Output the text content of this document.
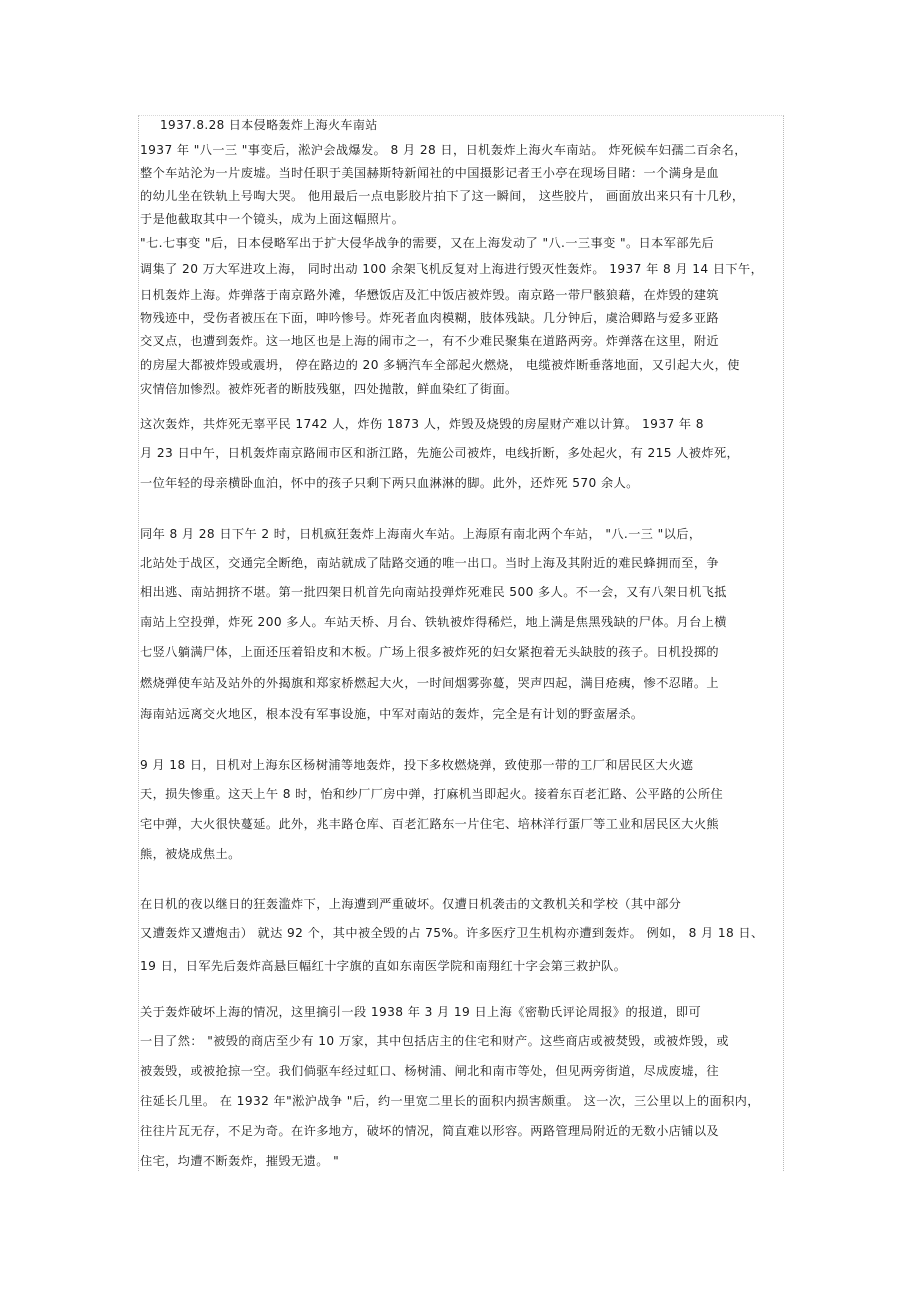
1937.8.28 日本侵略轰炸上海火车南站
1937 年 "八一三 "事变后，淞沪会战爆发。 8 月 28 日，日机轰炸上海火车南站。 炸死候车妇孺二百余名，
整个车站沦为一片废墟。当时任职于美国赫斯特新闻社的中国摄影记者王小亭在现场目睹：一个满身是血
的幼儿坐在铁轨上号啕大哭。 他用最后一点电影胶片拍下了这一瞬间， 这些胶片， 画面放出来只有十几秒，
于是他截取其中一个镜头，成为上面这幅照片。
"七.七事变 "后，日本侵略军出于扩大侵华战争的需要，又在上海发动了 "八.一三事变 "。日本军部先后
调集了 20 万大军进攻上海， 同时出动 100 余架飞机反复对上海进行毁灭性轰炸。 1937 年 8 月 14 日下午，
日机轰炸上海。炸弹落于南京路外滩，华懋饭店及汇中饭店被炸毁。南京路一带尸骸狼藉，在炸毁的建筑
物残迹中，受伤者被压在下面，呻吟惨号。炸死者血肉模糊，肢体残缺。几分钟后，虞洽卿路与爱多亚路
交叉点，也遭到轰炸。这一地区也是上海的闹市之一，有不少难民聚集在道路两旁。炸弹落在这里，附近
的房屋大都被炸毁或震坍， 停在路边的 20 多辆汽车全部起火燃烧， 电缆被炸断垂落地面，又引起大火，使
灾情倍加惨烈。被炸死者的断肢残躯，四处抛散，鲜血染红了街面。
这次轰炸，共炸死无辜平民 1742 人，炸伤 1873 人，炸毁及烧毁的房屋财产难以计算。 1937 年 8
月 23 日中午，日机轰炸南京路闹市区和浙江路，先施公司被炸，电线折断，多处起火，有 215 人被炸死，
一位年轻的母亲横卧血泊，怀中的孩子只剩下两只血淋淋的脚。此外，还炸死 570 余人。
同年 8 月 28 日下午 2 时，日机疯狂轰炸上海南火车站。上海原有南北两个车站， "八.一三 "以后，
北站处于战区，交通完全断绝，南站就成了陆路交通的唯一出口。当时上海及其附近的难民蜂拥而至，争
相出逃、南站拥挤不堪。第一批四架日机首先向南站投弹炸死难民 500 多人。不一会，又有八架日机飞抵
南站上空投弹，炸死 200 多人。车站天桥、月台、铁轨被炸得稀烂，地上满是焦黑残缺的尸体。月台上横
七竖八躺满尸体，上面还压着铅皮和木板。广场上很多被炸死的妇女紧抱着无头缺肢的孩子。日机投掷的
燃烧弹使车站及站外的外揭旗和郑家桥燃起大火，一时间烟雾弥蔓，哭声四起，满目疮痍，惨不忍睹。上
海南站远离交火地区，根本没有军事设施，中军对南站的轰炸，完全是有计划的野蛮屠杀。
9 月 18 日，日机对上海东区杨树浦等地轰炸，投下多枚燃烧弹，致使那一带的工厂和居民区大火遮
天，损失惨重。这天上午 8 时，怡和纱厂厂房中弹，打麻机当即起火。接着东百老汇路、公平路的公所住
宅中弹，大火很快蔓延。此外，兆丰路仓库、百老汇路东一片住宅、培林洋行蛋厂等工业和居民区大火熊
熊，被烧成焦土。
在日机的夜以继日的狂轰滥炸下，上海遭到严重破坏。仅遭日机袭击的文教机关和学校（其中部分
又遭轰炸又遭炮击） 就达 92 个，其中被全毁的占 75%。许多医疗卫生机构亦遭到轰炸。 例如， 8 月 18 日、
19 日，日军先后轰炸高悬巨幅红十字旗的直如东南医学院和南翔红十字会第三救护队。
关于轰炸破坏上海的情况，这里摘引一段 1938 年 3 月 19 日上海《密勒氏评论周报》的报道，即可
一目了然： "被毁的商店至少有 10 万家，其中包括店主的住宅和财产。这些商店或被焚毁，或被炸毁，或
被轰毁，或被抢掠一空。我们倘驱车经过虹口、杨树浦、闸北和南市等处，但见两旁街道，尽成废墟，往
往延长几里。 在 1932 年"淞沪战争 "后，约一里宽二里长的面积内损害颇重。 这一次，三公里以上的面积内，
往往片瓦无存，不足为奇。在许多地方，破坏的情况，简直难以形容。两路管理局附近的无数小店铺以及
住宅，均遭不断轰炸，摧毁无遗。 "
